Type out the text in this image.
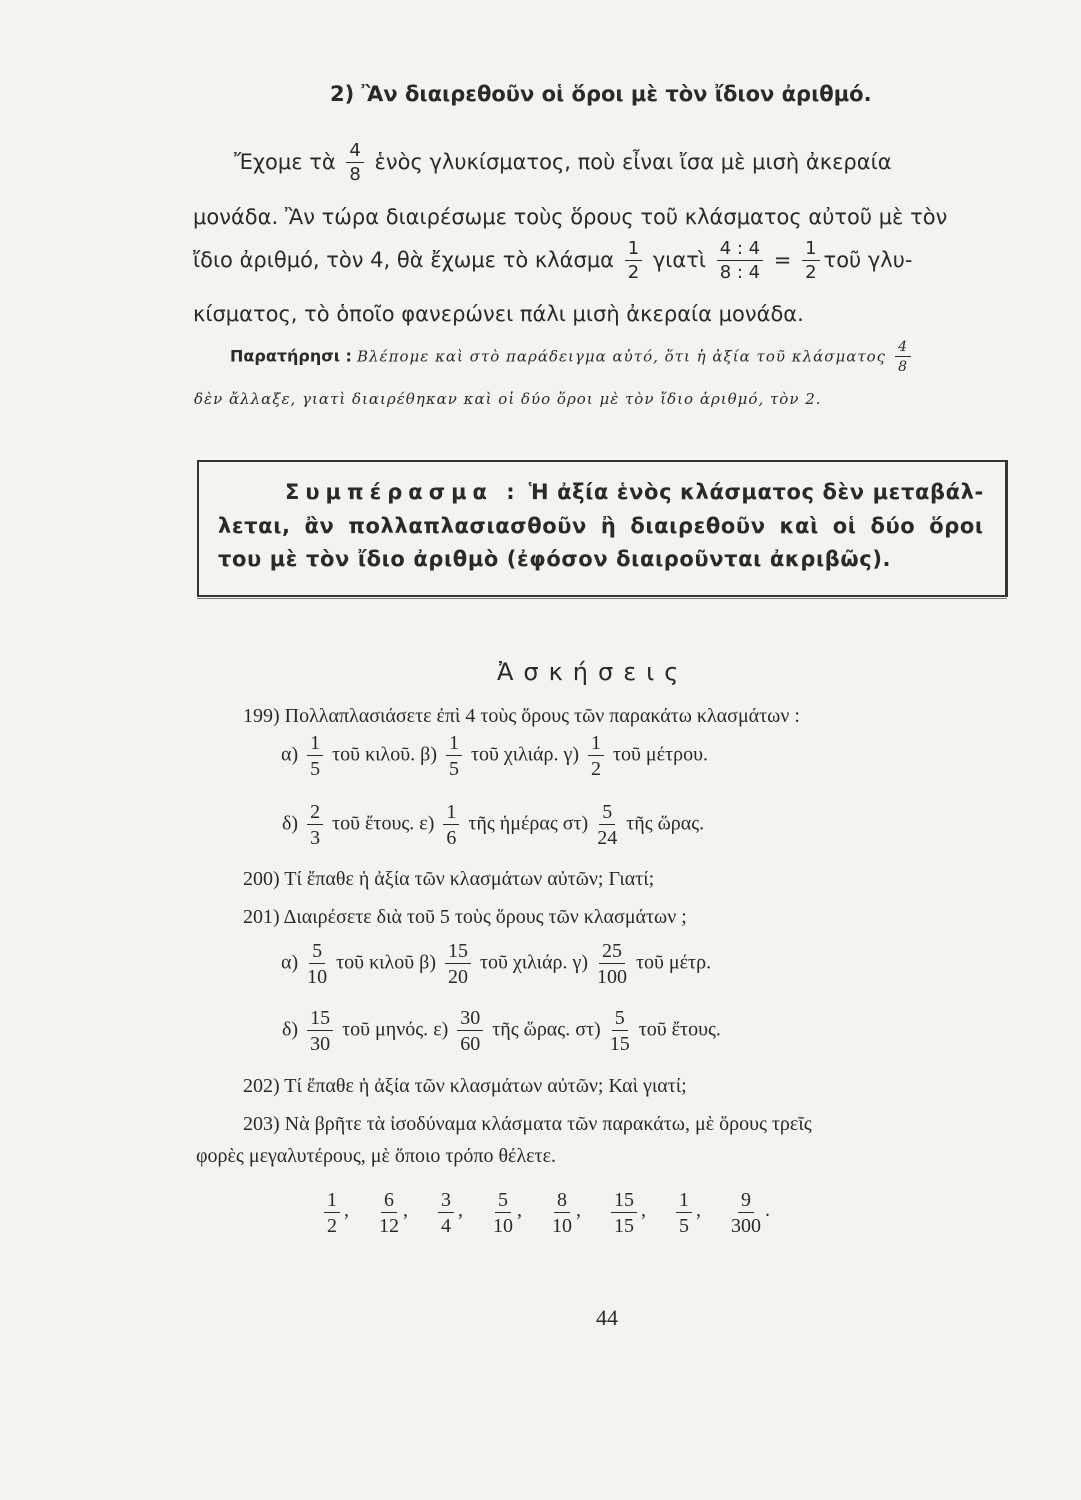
2) Ἂν διαιρεθοῦν οἱ ὅροι μὲ τὸν ἴδιον ἀριθμό.
Ἔχομε τὰ $\frac{4}{8}$ ἑνὸς γλυκίσματος, ποὺ εἶναι ἴσα μὲ μισὴ ἀκεραία
μονάδα. Ἂν τώρα διαιρέσωμε τοὺς ὅρους τοῦ κλάσματος αὐτοῦ μὲ τὸν
ἴδιο ἀριθμό, τὸν 4, θὰ ἔχωμε τὸ κλάσμα $\frac{1}{2}$ γιατὶ $\frac{4 : 4}{8 : 4} = \frac{1}{2}$ τοῦ γλυ-
κίσματος, τὸ ὁποῖο φανερώνει πάλι μισὴ ἀκεραία μονάδα.
Παρατήρησι : Βλέπομε καὶ στὸ παράδειγμα αὐτό, ὅτι ἡ ἀξία τοῦ κλάσματος $\frac{4}{8}$
δὲν ἄλλαξε, γιατὶ διαιρέθηκαν καὶ οἱ δύο ὅροι μὲ τὸν ἴδιο ἀριθμό, τὸν 2.
Συμπέρασμα : Ἡ ἀξία ἑνὸς κλάσματος δὲν μεταβάλ-
λεται, ἂν πολλαπλασιασθοῦν ἢ διαιρεθοῦν καὶ οἱ δύο ὅροι
του μὲ τὸν ἴδιο ἀριθμὸ (ἐφόσον διαιροῦνται ἀκριβῶς).
Ἀσκήσεις
199) Πολλαπλασιάσετε ἐπὶ 4 τοὺς ὅρους τῶν παρακάτω κλασμάτων :
$\alpha) \frac{1}{5}$ τοῦ κιλοῦ. $\beta) \frac{1}{5}$ τοῦ χιλιάρ. $\gamma) \frac{1}{2}$ τοῦ μέτρου.
$\delta) \frac{2}{3}$ τοῦ ἔτους. $\varepsilon) \frac{1}{6}$ τῆς ἡμέρας $\sigma\tau) \frac{5}{24}$ τῆς ὥρας.
200) Τί ἔπαθε ἡ ἀξία τῶν κλασμάτων αὐτῶν; Γιατί;
201) Διαιρέσετε διὰ τοῦ 5 τοὺς ὅρους τῶν κλασμάτων ;
$\alpha) \frac{5}{10}$ τοῦ κιλοῦ $\beta) \frac{15}{20}$ τοῦ χιλιάρ. $\gamma) \frac{25}{100}$ τοῦ μέτρ.
$\delta) \frac{15}{30}$ τοῦ μηνός. $\varepsilon) \frac{30}{60}$ τῆς ὥρας. $\sigma\tau) \frac{5}{15}$ τοῦ ἔτους.
202) Τί ἔπαθε ἡ ἀξία τῶν κλασμάτων αὐτῶν; Καὶ γιατί;
203) Νὰ βρῆτε τὰ ἰσοδύναμα κλάσματα τῶν παρακάτω, μὲ ὅρους τρεῖς
φορὲς μεγαλυτέρους, μὲ ὅποιο τρόπο θέλετε.
$\frac{1}{2}$ , $\frac{6}{12}$ , $\frac{3}{4}$ , $\frac{5}{10}$ , $\frac{8}{10}$ , $\frac{15}{15}$ , $\frac{1}{5}$ , $\frac{9}{300}$ .
44
